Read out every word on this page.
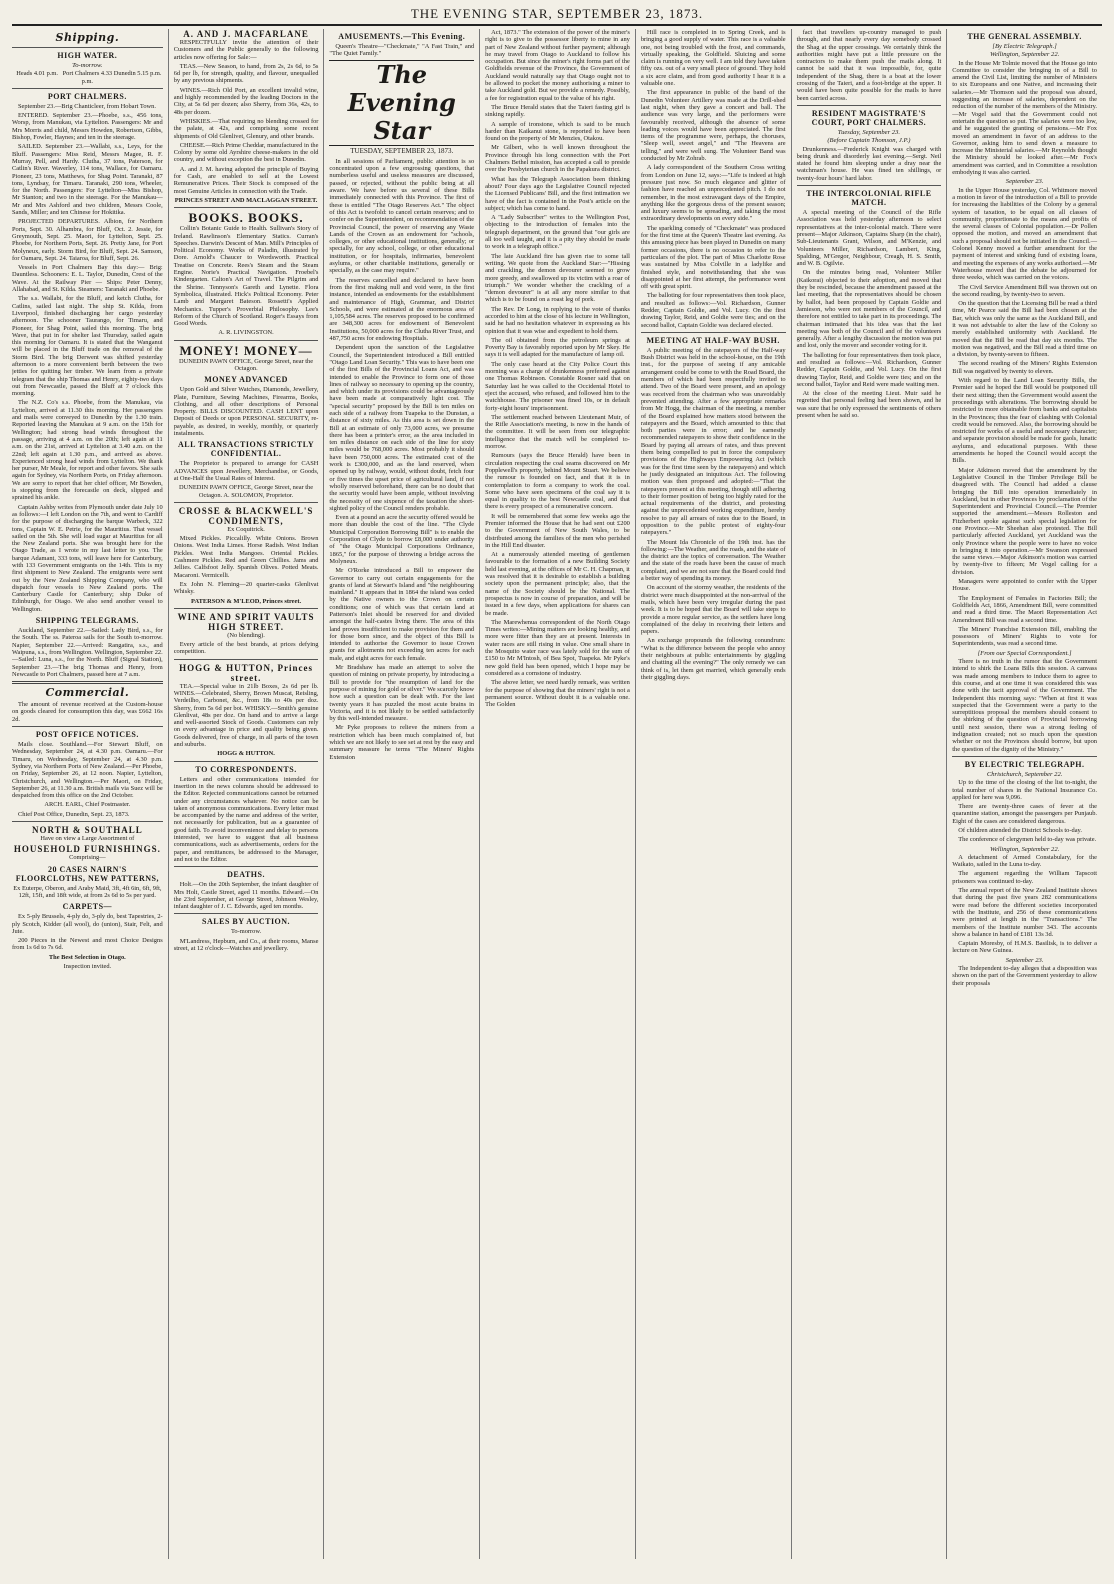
THE EVENING STAR, SEPTEMBER 23, 1873.
Shipping.
HIGH WATER.
To-morrow.
Heads 4.01 p.m. Port Chalmers 4.33 p.m.
Dunedin 5.15 p.m.
PORT CHALMERS.

September 23.—Brig Chanticleer, from Hobart Town.

ENTERED. September 23.—Phoebe, s.s., 456 tons, Worsp, from Manukau, via Lyttelton. Passengers: Mr and Mrs Morris and child, Messrs Howden, Robertson, Gibbs, Bishop, Fowler, Haynes; and ten in the steerage.

SAILED. September 23.—Wallabi, s.s., Leys, for the Bluff. Passengers: Miss Reid, Messrs Magee, R. F. Murray, Pell, and Hardy. Clutha, 37 tons, Paterson, for Catlin's River. Waverley, 114 tons, Wallace, for Oamaru. Pioneer, 23 tons, Matthews, for Shag Point. Taranaki, 87 tons, Lyndsay, for Timaru. Taranaki, 290 tons, Wheeler, for the North. Passengers: For Lyttelton—Miss Bishop, Mr Stanton; and two in the steerage. For the Manukau—Mr and Mrs Ashford and two children, Messrs Coole, Sands, Miller; and ten Chinese for Hokitika.

PROJECTED DEPARTURES. Albion, for Northern Ports, Sept. 30. Alhambra, for Bluff, Oct. 2. Jessie, for Greymouth, Sept. 25. Maori, for Lyttelton, Sept. 25. Phoebe, for Northern Ports, Sept. 26. Pretty Jane, for Port Molyneux, early. Storm Bird, for Bluff, Sept. 24. Samson, for Oamaru, Sept. 24. Taiaroa, for Bluff, Sept. 26.

Vessels in Port Chalmers Bay this day:— Brig: Dauntless. Schooners: E. L. Taylor, Dunedin, Crest of the Wave. At the Railway Pier — Ships: Peter Denny, Allahabad, and St. Kilda. Steamers: Taranaki and Phoebe.

The s.s. Wallabi, for the Bluff, and ketch Clutha, for Catlins, sailed last night. The ship St. Kilda, from Liverpool, finished discharging her cargo yesterday afternoon. The schooner Taurango, for Timaru, and Pioneer, for Shag Point, sailed this morning. The brig Wave, that put in for shelter last Thursday, sailed again this morning for Oamaru. It is stated that the Wanganui will be placed in the Bluff trade on the removal of the Storm Bird. The brig Derwent was shifted yesterday afternoon to a more convenient berth between the two jetties for quitting her timber. We learn from a private telegram that the ship Thomas and Henry, eighty-two days out from Newcastle, passed the Bluff at 7 o'clock this morning.

The N.Z. Co's s.s. Phoebe, from the Manukau, via Lyttelton, arrived at 11.30 this morning. Her passengers and mails were conveyed to Dunedin by the 1.30 train. Reported leaving the Manukau at 9 a.m. on the 15th for Wellington; had strong head winds throughout the passage, arriving at 4 a.m. on the 20th; left again at 11 a.m. on the 21st, arrived at Lyttelton at 3.40 a.m. on the 22nd; left again at 1.30 p.m., and arrived as above. Experienced strong head winds from Lyttelton. We thank her purser, Mr Meale, for report and other favors. She sails again for Sydney, via Northern Ports, on Friday afternoon. We are sorry to report that her chief officer, Mr Bowden, is stopping from the forecastle on deck, slipped and sprained his ankle.

Captain Ashby writes from Plymouth under date July 10 as follows:—I left London on the 7th, and went to Cardiff for the purpose of discharging the barque Warbeck, 322 tons, Captain W. E. Petrie, for the Mauritius. That vessel sailed on the 5th. She will load sugar at Mauritius for all the New Zealand ports. She was brought here for the Otago Trade, as I wrote in my last letter to you. The barque Adamant, 333 tons, will leave here for Canterbury, with 133 Government emigrants on the 14th. This is my first shipment to New Zealand. The emigrants were sent out by the New Zealand Shipping Company, who will dispatch four vessels to New Zealand ports. The Canterbury Castle for Canterbury; ship Duke of Edinburgh, for Otago. We also send another vessel to Wellington.

SHIPPING TELEGRAMS.

Auckland, September 22.—Sailed: Lady Bird, s.s., for the South. The ss. Pateroa sails for the South to-morrow. Napier, September 22.—Arrived: Rangatira, s.s., and Waipuna, s.s., from Wellington. Wellington, September 22.—Sailed: Luna, s.s., for the North. Bluff (Signal Station), September 23.—The brig Thomas and Henry, from Newcastle to Port Chalmers, passed here at 7 a.m.

Commercial.

The amount of revenue received at the Custom-house on goods cleared for consumption this day, was £662 16s 2d.

POST OFFICE NOTICES.

Mails close. Southland.—For Stewart Bluff, on Wednesday, September 24, at 4.30 p.m. Oamaru.—For Timaru, on Wednesday, September 24, at 4.30 p.m. Sydney, via Northern Ports of New Zealand.—Per Phoebe, on Friday, September 26, at 12 noon. Napier, Lyttelton, Christchurch, and Wellington.—Per Maori, on Friday, September 26, at 11.30 a.m. British mails via Suez will be despatched from this office on the 2nd October.

ARCH. EARL, Chief Postmaster.

Chief Post Office, Dunedin, Sept. 23, 1873.

NORTH & SOUTHALL

Have on view a Large Assortment of

HOUSEHOLD FURNISHINGS.

Comprising—

20 CASES NAIRN'S FLOORCLOTHS, NEW PATTERNS,

Ex Euterpe, Oberon, and Araby Maid, 3ft, 4ft 6in, 6ft, 9ft, 12ft, 15ft, and 18ft wide, at from 2s 6d to 5s per yard.

CARPETS—

Ex 5-ply Brussels, 4-ply do, 3-ply do, best Tapestries, 2-ply Scotch, Kidder (all wool), do (union), Stair, Felt, and Jute.

200 Pieces in the Newest and most Choice Designs from 1s 6d to 7s 6d.

The Best Selection in Otago.

Inspection invited.

A. AND J. MACFARLANE

RESPECTFULLY invite the attention of their Customers and the Public generally to the following articles now offering for Sale:—

TEAS.—New Season, to hand, from 2s, 2s 6d, to 5s 6d per lb, for strength, quality, and flavour, unequalled by any previous shipments.

WINES.—Rich Old Port, an excellent invalid wine, and highly recommended by the leading Doctors in the City, at 5s 6d per dozen; also Sherry, from 36s, 42s, to 48s per dozen.

WHISKIES.—That requiring no blending crossed for the palate, at 42s, and comprising some recent shipments of Old Glenlivet, Glenury, and other brands.

CHEESE.—Rich Prime Cheddar, manufactured in the Colony by some old Ayrshire cheese-makers in the old country, and without exception the best in Dunedin.

A. and J. M. having adopted the principle of Buying for Cash, are enabled to sell at the Lowest Remunerative Prices. Their Stock is composed of the most Genuine Articles in connection with the Trade.

PRINCES STREET AND MACLAGGAN STREET.

BOOKS. BOOKS.

Collin's Botanic Guide to Health. Sullivan's Story of Ireland. Rawlinson's Elementary Statics. Curran's Speeches. Darwin's Descent of Man. Mill's Principles of Political Economy. Works of Paladin, illustrated by Dore. Arnold's Chaucer to Wordsworth. Practical Treatise on Concrete. Rees's Steam and the Steam Engine. Norie's Practical Navigation. Froebel's Kindergarten. Calton's Art of Travel. The Pilgrim and the Shrine. Tennyson's Gareth and Lynette. Flora Symbolica, illustrated. Hick's Political Economy. Peter Lamb and Margaret Bateson. Rossetti's Applied Mechanics. Tupper's Proverbial Philosophy. Lee's Reform of the Church of Scotland. Roger's Essays from Good Words.

A. R. LIVINGSTON.

MONEY! MONEY—

DUNEDIN PAWN OFFICE, George Street, near the Octagon.

MONEY ADVANCED

Upon Gold and Silver Watches, Diamonds, Jewellery, Plate, Furniture, Sewing Machines, Firearms, Books, Clothing, and all other descriptions of Personal Property. BILLS DISCOUNTED. CASH LENT upon Deposit of Deeds or upon PERSONAL SECURITY, re-payable, as desired, in weekly, monthly, or quarterly instalments.

ALL TRANSACTIONS STRICTLY CONFIDENTIAL.

The Proprietor is prepared to arrange for CASH ADVANCES upon Jewellery, Merchandise, or Goods, at One-Half the Usual Rates of Interest.

DUNEDIN PAWN OFFICE, George Street, near the Octagon. A. SOLOMON, Proprietor.

CROSSE & BLACKWELL'S CONDIMENTS,

Ex Coquitrick.

Mixed Pickles. Piccalilly. White Onions. Brown Onions. West India Limes. Horse Radish. West Indian Pickles. West India Mangoes. Oriental Pickles. Cashmere Pickles. Red and Green Chillies. Jams and Jellies. Calfsfoot Jelly. Spanish Olives. Potted Meats. Macaroni. Vermicelli.

Ex John N. Fleming—20 quarter-casks Glenlivat Whisky.

PATERSON & M'LEOD, Princes street.

WINE AND SPIRIT VAULTS HIGH STREET.

(No blending).

Every article of the best brands, at prices defying competition.

HOGG & HUTTON, Princes street.

TEA.—Special value in 21lb Boxes, 2s 6d per lb. WINES.—Celebrated, Sherry, Brown Muscat, Reisling, Verdeilho, Carbonet, &c., from 18s to 40s per doz. Sherry, from 5s 6d per bot. WHISKY.—Smith's genuine Glenlivat, 48s per doz. On hand and to arrive a large and well-assorted Stock of Goods. Customers can rely on every advantage in price and quality being given. Goods delivered, free of charge, in all parts of the town and suburbs.

HOGG & HUTTON.

TO CORRESPONDENTS.

Letters and other communications intended for insertion in the news columns should be addressed to the Editor. Rejected communications cannot be returned under any circumstances whatever. No notice can be taken of anonymous communications. Every letter must be accompanied by the name and address of the writer, not necessarily for publication, but as a guarantee of good faith. To avoid inconvenience and delay to persons interested, we have to suggest that all business communications, such as advertisements, orders for the paper, and remittances, be addressed to the Manager, and not to the Editor.

DEATHS.

Holt.—On the 20th September, the infant daughter of Mrs Holt, Castle Street, aged 11 months. Edward.—On the 23rd September, at George Street, Johnson Wesley, infant daughter of J. C. Edwards, aged ten months.

SALES BY AUCTION.

To-morrow.

M'Landress, Hepburn, and Co., at their rooms, Manse street, at 12 o'clock—Watches and jewellery.

AMUSEMENTS.—This Evening.

Queen's Theatre—"Checkmate," "A Fast Train," and "The Quiet Family."

The Evening Star
TUESDAY, SEPTEMBER 23, 1873.

In all sessions of Parliament, public attention is so concentrated upon a few engrossing questions, that numberless useful and useless measures are discussed, passed, or rejected, without the public being at all aware. We have before us several of these Bills immediately connected with this Province. The first of these is entitled "The Otago Reserves Act." The object of this Act is twofold: to cancel certain reserves; and to confer on the Superintendent, on recommendation of the Provincial Council, the power of reserving any Waste Lands of the Crown as an endowment for "schools, colleges, or other educational institutions, generally; or specially, for any school, college, or other educational institution, or for hospitals, infirmaries, benevolent asylums, or other charitable institutions, generally or specially, as the case may require."

The reserves cancelled and declared to have been from the first making null and void were, in the first instance, intended as endowments for the establishment and maintenance of High, Grammar, and District Schools, and were estimated at the enormous area of 1,105,584 acres. The reserves proposed to be confirmed are 348,300 acres for endowment of Benevolent Institutions, 50,000 acres for the Clutha River Trust, and 487,750 acres for endowing Hospitals.

Dependent upon the sanction of the Legislative Council, the Superintendent introduced a Bill entitled "Otago Land Loan Security." This was to have been one of the first Bills of the Provincial Loans Act, and was intended to enable the Province to form one of those lines of railway so necessary to opening up the country, and which under its provisions could be advantageously have been made at comparatively light cost. The "special security" proposed by the Bill is ten miles on each side of a railway from Tuapeka to the Dunstan, a distance of sixty miles. As this area is set down in the Bill at an estimate of only 73,000 acres, we presume there has been a printer's error, as the area included in ten miles distance on each side of the line for sixty miles would be 768,000 acres. Most probably it should have been 750,000 acres. The estimated cost of the work is £300,000, and as the land reserved, when opened up by railway, would, without doubt, fetch four or five times the upset price of agricultural land, if not wholly reserved beforehand, there can be no doubt that the security would have been ample, without involving the necessity of one sixpence of the taxation the short-sighted policy of the Council renders probable.

Even at a pound an acre the security offered would be more than double the cost of the line. "The Clyde Municipal Corporation Borrowing Bill" is to enable the Corporation of Clyde to borrow £8,000 under authority of "the Otago Municipal Corporations Ordinance, 1865," for the purpose of throwing a bridge across the Molyneux.

Mr O'Rorke introduced a Bill to empower the Governor to carry out certain engagements for the grants of land at Stewart's Island and "the neighbouring mainland." It appears that in 1864 the island was ceded by the Native owners to the Crown on certain conditions; one of which was that certain land at Patterson's Inlet should be reserved for and divided amongst the half-castes living there. The area of this land proves insufficient to make provision for them and for those born since, and the object of this Bill is intended to authorise the Governor to issue Crown grants for allotments not exceeding ten acres for each male, and eight acres for each female.

Mr Bradshaw has made an attempt to solve the question of mining on private property, by introducing a Bill to provide for "the resumption of land for the purpose of mining for gold or silver." We scarcely know how such a question can be dealt with. For the last twenty years it has puzzled the most acute brains in Victoria, and it is not likely to be settled satisfactorily by this well-intended measure.

Mr Pyke proposes to relieve the miners from a restriction which has been much complained of, but which we are not likely to see set at rest by the easy and summary measure he terms "The Miners' Rights Extension

Act, 1873." The extension of the power of the miner's right is to give to the possessor liberty to mine in any part of New Zealand without further payment; although he may travel from Otago to Auckland to follow his occupation. But since the miner's right forms part of the Goldfields revenue of the Province, the Government of Auckland would naturally say that Otago ought not to be allowed to pocket the money authorising a miner to take Auckland gold. But we provide a remedy. Possibly, a fee for registration equal to the value of his right.

The Bruce Herald states that the Taieri fasting girl is sinking rapidly.

A sample of ironstone, which is said to be much harder than Kaikanui stone, is reported to have been found on the property of Mr Menzies, Otakou.

Mr Gilbert, who is well known throughout the Province through his long connection with the Port Chalmers Bethel mission, has accepted a call to preside over the Presbyterian church in the Papakura district.

What has the Telegraph Association been thinking about? Four days ago the Legislative Council rejected the Licensed Publicans' Bill, and the first intimation we have of the fact is contained in the Post's article on the subject; which has come to hand.

A "Lady Subscriber" writes to the Wellington Post, objecting to the introduction of females into the telegraph department, on the ground that "our girls are all too well taught, and it is a pity they should be made to work in a telegraph office."

The late Auckland fire has given rise to some tall writing. We quote from the Auckland Star:—"Hissing and crackling, the demon devourer seemed to grow more greedy, and swallowed up its victim with a roar of triumph." We wonder whether the crackling of a "demon devourer" is at all any more similar to that which is to be found on a roast leg of pork.

The Rev. Dr Long, in replying to the vote of thanks accorded to him at the close of his lecture in Wellington, said he had no hesitation whatever in expressing as his opinion that it was wise and expedient to hold them.

The oil obtained from the petroleum springs at Poverty Bay is favorably reported upon by Mr Skey. He says it is well adapted for the manufacture of lamp oil.

The only case heard at the City Police Court this morning was a charge of drunkenness preferred against one Thomas Robinson. Constable Rosner said that on Saturday last he was called to the Occidental Hotel to eject the accused, who refused, and followed him to the watchhouse. The prisoner was fined 10s, or in default forty-eight hours' imprisonment.

The settlement reached between Lieutenant Muir, of the Rifle Association's meeting, is now in the hands of the committee. It will be seen from our telegraphic intelligence that the match will be completed to-morrow.

Rumours (says the Bruce Herald) have been in circulation respecting the coal seams discovered on Mr Popplewell's property, behind Mount Stuart. We believe the rumour is founded on fact, and that it is in contemplation to form a company to work the coal. Some who have seen specimens of the coal say it is equal in quality to the best Newcastle coal, and that there is every prospect of a remunerative concern.

It will be remembered that some few weeks ago the Premier informed the House that he had sent out £200 to the Government of New South Wales, to be distributed among the families of the men who perished in the Hill End disaster.

At a numerously attended meeting of gentlemen favourable to the formation of a new Building Society held last evening, at the offices of Mr C. H. Chapman, it was resolved that it is desirable to establish a building society upon the permanent principle; also, that the name of the Society should be the National. The prospectus is now in course of preparation, and will be issued in a few days, when applications for shares can be made.

The Marewhenua correspondent of the North Otago Times writes:—Mining matters are looking healthy, and more were fitter than they are at present. Interests in water races are still rising in value. One small share in the Mosquito water race was lately sold for the sum of £150 to Mr M'Intosh, of Bea Spot, Tuapeka. Mr Pyke's new gold field has been opened, which I hope may be considered as a cornstone of industry.

The above letter, we need hardly remark, was written for the purpose of showing that the miners' right is not a permanent source. Without doubt it is a valuable one. The Golden

Hill race is completed in to Spring Creek, and is bringing a good supply of water. This race is a valuable one, not being troubled with the frost, and commands, virtually speaking, the Goldfield. Sluicing and some claim is running on very well. I am told they have taken fifty ozs. out of a very small piece of ground. They hold a six acre claim, and from good authority I hear it is a valuable one.

The first appearance in public of the band of the Dunedin Volunteer Artillery was made at the Drill-shed last night, when they gave a concert and ball. The audience was very large, and the performers were favourably received, although the absence of some leading voices would have been appreciated. The first items of the programme were, perhaps, the choruses, "Sleep well, sweet angel," and "The Heavens are telling," and were well sung. The Volunteer Band was conducted by Mr Zohrab.

A lady correspondent of the Southern Cross writing from London on June 12, says:—"Life is indeed at high pressure just now. So much elegance and glitter of fashion have reached an unprecedented pitch. I do not remember, in the most extravagant days of the Empire, anything like the gorgeous dress of the present season; and luxury seems to be spreading, and taking the most extraordinary developments on every side."

The sparkling comedy of "Checkmate" was produced for the first time at the Queen's Theatre last evening. As this amusing piece has been played in Dunedin on many former occasions, there is no occasion to refer to the particulars of the plot. The part of Miss Charlotte Rose was sustained by Miss Colville in a ladylike and finished style, and notwithstanding that she was disappointed at her first attempt, the performance went off with great spirit.

The balloting for four representatives then took place, and resulted as follows:—Vol. Richardson, Gunner Redder, Captain Goldie, and Vol. Lucy. On the first drawing Taylor, Reid, and Goldie were ties; and on the second ballot, Captain Goldie was declared elected.

MEETING AT HALF-WAY BUSH.

A public meeting of the ratepayers of the Half-way Bush District was held in the school-house, on the 19th inst., for the purpose of seeing if any amicable arrangement could be come to with the Road Board, the members of which had been respectfully invited to attend. Two of the Board were present, and an apology was received from the chairman who was unavoidably prevented attending. After a few appropriate remarks from Mr Hogg, the chairman of the meeting, a member of the Board explained how matters stood between the ratepayers and the Board, which amounted to this: that both parties were in error; and he earnestly recommended ratepayers to show their confidence in the Board by paying all arrears of rates, and thus prevent them being compelled to put in force the compulsory provisions of the Highways Empowering Act (which was for the first time seen by the ratepayers) and which he justly designated an iniquitous Act. The following motion was then proposed and adopted:—"That the ratepayers present at this meeting, though still adhering to their former position of being too highly rated for the actual requirements of the district, and protesting against the unprecedented working expenditure, hereby resolve to pay all arrears of rates due to the Board, in opposition to the public protest of eighty-four ratepayers."

The Mount Ida Chronicle of the 19th inst. has the following:—The Weather, and the roads, and the state of the district are the topics of conversation. The Weather and the state of the roads have been the cause of much complaint, and we are not sure that the Board could find a better way of spending its money.

On account of the stormy weather, the residents of the district were much disappointed at the non-arrival of the mails, which have been very irregular during the past week. It is to be hoped that the Board will take steps to provide a more regular service, as the settlers have long complained of the delay in receiving their letters and papers.

An exchange propounds the following conundrum: "What is the difference between the people who annoy their neighbours at public entertainments by giggling and chatting all the evening?" The only remedy we can think of is, let them get married, which generally ends their giggling days.

fact that travellers up-country managed to push through, and that nearly every day somebody crossed the Shag at the upper crossings. We certainly think the authorities might have put a little pressure on the contractors to make them push the mails along. It cannot be said that it was impossible, for, quite independent of the Shag, there is a boat at the lower crossing of the Taieri, and a foot-bridge at the upper. It would have been quite possible for the mails to have been carried across.

RESIDENT MAGISTRATE'S COURT, PORT CHALMERS.
Tuesday, September 23.
(Before Captain Thomson, J.P.)

Drunkenness.—Frederick Knight was charged with being drunk and disorderly last evening.—Sergt. Neil stated he found him sleeping under a dray near the watchman's house. He was fined ten shillings, or twenty-four hours' hard labor.

THE INTERCOLONIAL RIFLE MATCH.

A special meeting of the Council of the Rifle Association was held yesterday afternoon to select representatives at the inter-colonial match. There were present—Major Atkinson, Captains Sharp (in the chair), Sub-Lieutenants Grant, Wilson, and M'Kenzie, and Volunteers Miller, Richardson, Lambert, King, Spalding, M'Gregor, Neighbour, Creagh, H. S. Smith, and W. B. Ogilvie.

On the minutes being read, Volunteer Miller (Kaikorai) objected to their adoption, and moved that they be rescinded, because the amendment passed at the last meeting, that the representatives should be chosen by ballot, had been proposed by Captain Goldie and Jamieson, who were not members of the Council, and therefore not entitled to take part in its proceedings. The chairman intimated that his idea was that the last meeting was both of the Council and of the volunteers generally. After a lengthy discussion the motion was put and lost, only the mover and seconder voting for it.

The balloting for four representatives then took place, and resulted as follows:—Vol. Richardson, Gunner Redder, Captain Goldie, and Vol. Lucy. On the first drawing Taylor, Reid, and Goldie were ties; and on the second ballot, Taylor and Reid were made waiting men.

At the close of the meeting Lieut. Muir said he regretted that personal feeling had been shown, and he was sure that he only expressed the sentiments of others present when he said so.

THE GENERAL ASSEMBLY.
[By Electric Telegraph.]
Wellington, September 22.

In the House Mr Tolmie moved that the House go into Committee to consider the bringing in of a Bill to amend the Civil List, limiting the number of Ministers to six Europeans and one Native, and increasing their salaries.—Mr Thomson said the proposal was absurd, suggesting an increase of salaries, dependent on the reduction of the number of the members of the Ministry.—Mr Vogel said that the Government could not entertain the question so put. The salaries were too low, and he suggested the granting of pensions.—Mr Fox moved an amendment in favor of an address to the Governor, asking him to send down a measure to increase the Ministerial salaries.—Mr Reynolds thought the Ministry should be looked after.—Mr Fox's amendment was carried, and in Committee a resolution embodying it was also carried.

September 23.

In the Upper House yesterday, Col. Whitmore moved a motion in favor of the introduction of a Bill to provide for increasing the liabilities of the Colony by a general system of taxation, to be equal on all classes of community, proportionate to the means and profits of the several classes of Colonial population.—Dr Pollen opposed the motion, and moved an amendment that such a proposal should not be initiated in the Council.—Colonel Kenny moved a further amendment for the payment of interest and sinking fund of existing loans, and meeting the expenses of any works authorised.—Mr Waterhouse moved that the debate be adjourned for three weeks, which was carried on the voices.

The Civil Service Amendment Bill was thrown out on the second reading, by twenty-two to seven.

On the question that the Licensing Bill be read a third time, Mr Pearce said the Bill had been chosen at the Bar, which was only the same as the Auckland Bill, and it was not advisable to alter the law of the Colony so merely established uniformity with Auckland. He moved that the Bill be read that day six months. The motion was negatived, and the Bill read a third time on a division, by twenty-seven to fifteen.

The second reading of the Miners' Rights Extension Bill was negatived by twenty to eleven.

With regard to the Land Loan Security Bills, the Premier said he hoped the Bill would be postponed till their next sitting; then the Government would assent the proceedings with alterations. The borrowing should be restricted to more obtainable from banks and capitalists in the Provinces; thus the fear of clashing with Colonial credit would be removed. Also, the borrowing should be restricted for works of a useful and necessary character; and separate provision should be made for gaols, lunatic asylums, and educational purposes. With these amendments he hoped the Council would accept the Bills.

Major Atkinson moved that the amendment by the Legislative Council in the Timber Privilege Bill be disagreed with. The Council had added a clause bringing the Bill into operation immediately in Auckland, but in other Provinces by proclamation of the Superintendent and Provincial Council.—The Premier supported the amendment.—Messrs Rolleston and Fitzherbert spoke against such special legislation for one Province.—Mr Sheehan also protested. The Bill particularly affected Auckland, yet Auckland was the only Province where the people were to have no voice in bringing it into operation.—Mr Swanson expressed the same views.—Major Atkinson's motion was carried by twenty-five to fifteen; Mr Vogel calling for a division.

Managers were appointed to confer with the Upper House.

The Employment of Females in Factories Bill; the Goldfields Act, 1866, Amendment Bill, were committed and read a third time. The Maori Representation Act Amendment Bill was read a second time.

The Miners' Franchise Extension Bill, enabling the possessors of Miners' Rights to vote for Superintendents, was read a second time.

[From our Special Correspondent.]

There is no truth in the rumor that the Government intend to shirk the Loans Bills this session. A canvass was made among members to induce them to agree to this course, and at one time it was considered this was done with the tacit approval of the Government. The Independent this morning says: "When at first it was suspected that the Government were a party to the surreptitious proposal the members should consent to the shirking of the question of Provincial borrowing until next session, there was a strong feeling of indignation created; not so much upon the question whether or not the Provinces should borrow, but upon the question of the dignity of the Ministry."

BY ELECTRIC TELEGRAPH.
Christchurch, September 22.

Up to the time of the closing of the list to-night, the total number of shares in the National Insurance Co. applied for here was 9,096.

There are twenty-three cases of fever at the quarantine station, amongst the passengers per Punjaub. Eight of the cases are considered dangerous.

Of children attended the District Schools to-day.

The conference of clergymen held to-day was private.

Wellington, September 22.

A detachment of Armed Constabulary, for the Waikato, sailed in the Luna to-day.

The argument regarding the William Tapscott prisoners was continued to-day.

The annual report of the New Zealand Institute shows that during the past five years 282 communications were read before the different societies incorporated with the Institute, and 256 of these communications were printed at length in the "Transactions." The members of the Institute number 343. The accounts show a balance in hand of £181 13s 3d.

Captain Moresby, of H.M.S. Basilisk, is to deliver a lecture on New Guinea.

September 23.

The Independent to-day alleges that a disposition was shown on the part of the Government yesterday to allow their proposals
